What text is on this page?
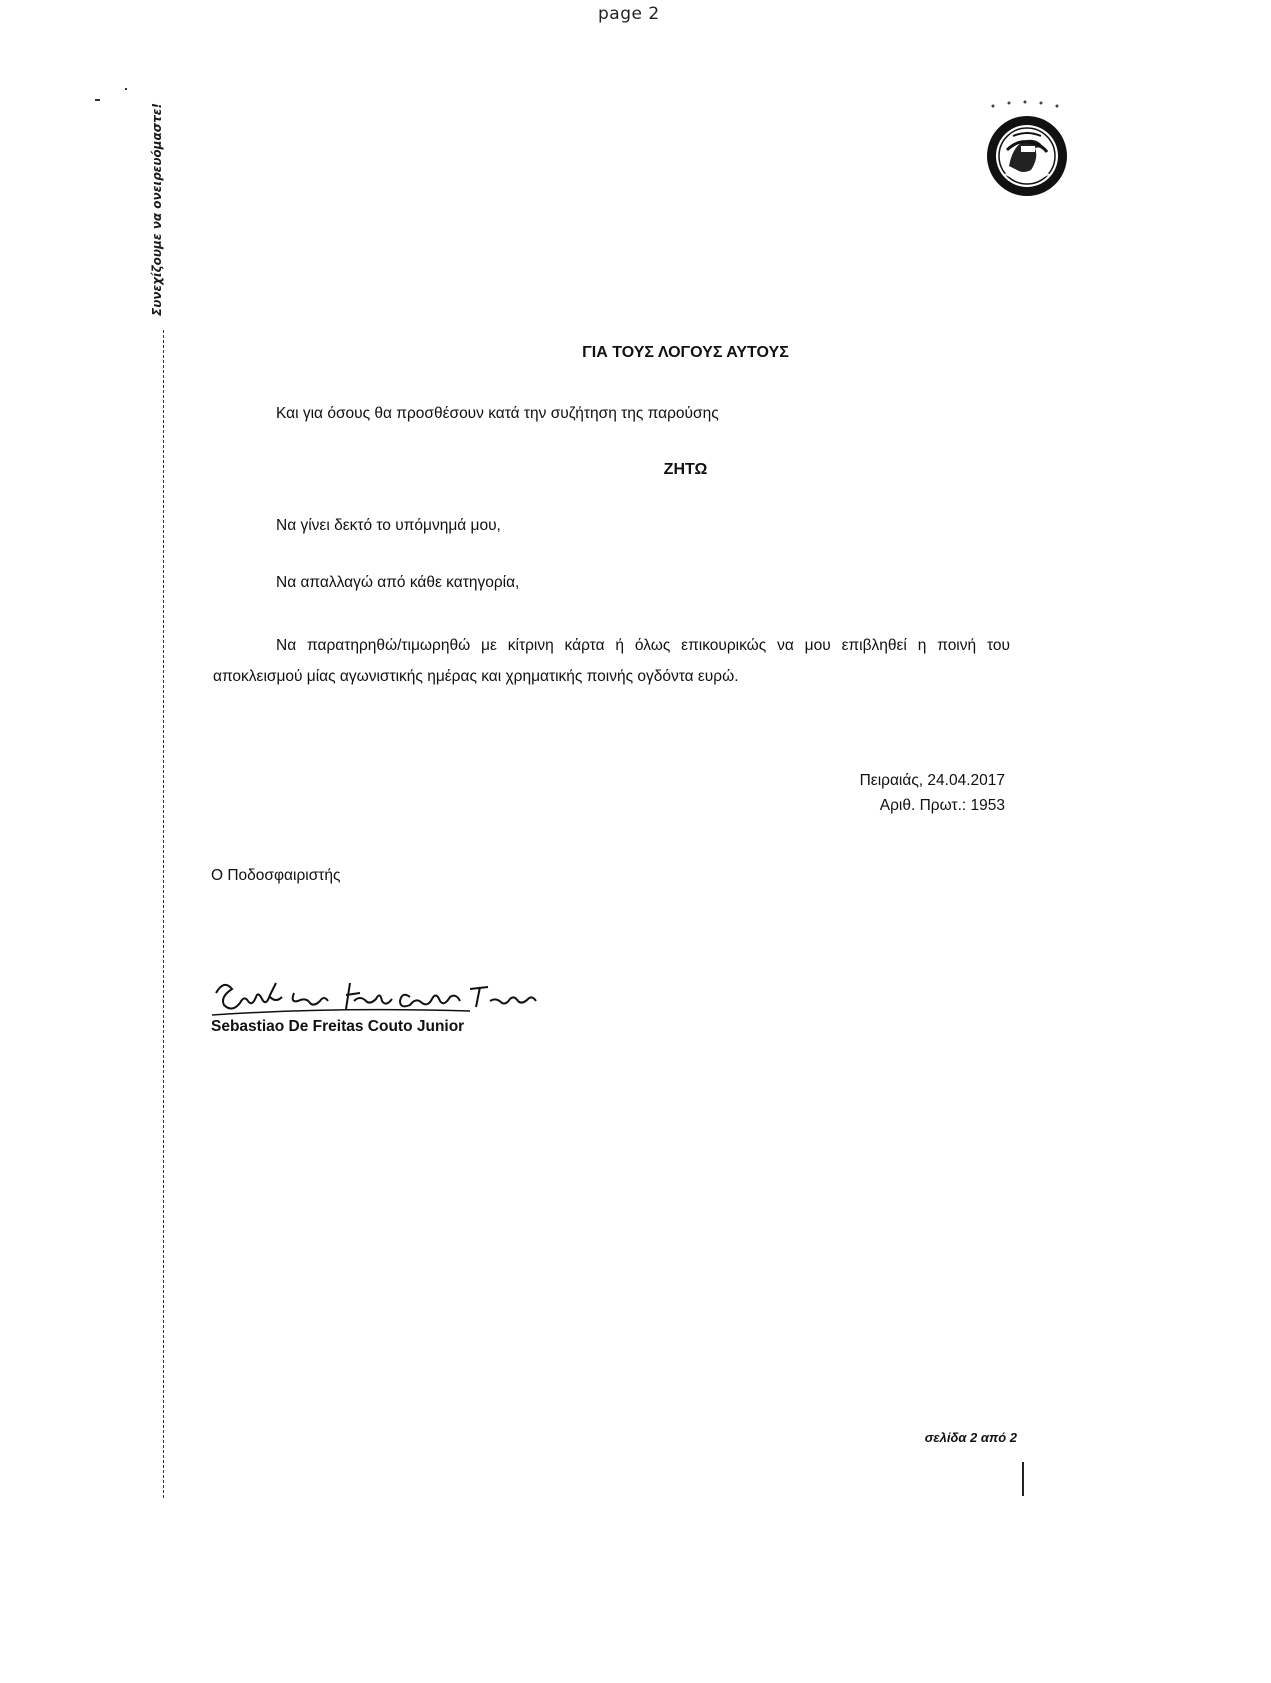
page 2
Συνεχίζουμε να ονειρευόμαστε!
ΓΙΑ ΤΟΥΣ ΛΟΓΟΥΣ ΑΥΤΟΥΣ
Και για όσους θα προσθέσουν κατά την συζήτηση της παρούσης
ΖΗΤΩ
Να γίνει δεκτό το υπόμνημά μου,
Να απαλλαγώ από κάθε κατηγορία,
Να παρατηρηθώ/τιμωρηθώ με κίτρινη κάρτα ή όλως επικουρικώς να μου επιβληθεί η ποινή του αποκλεισμού μίας αγωνιστικής ημέρας και χρηματικής ποινής ογδόντα ευρώ.
Πειραιάς, 24.04.2017
Αριθ. Πρωτ.: 1953
Ο Ποδοσφαιριστής
Sebastiao De Freitas Couto Junior
σελίδα 2 από 2
